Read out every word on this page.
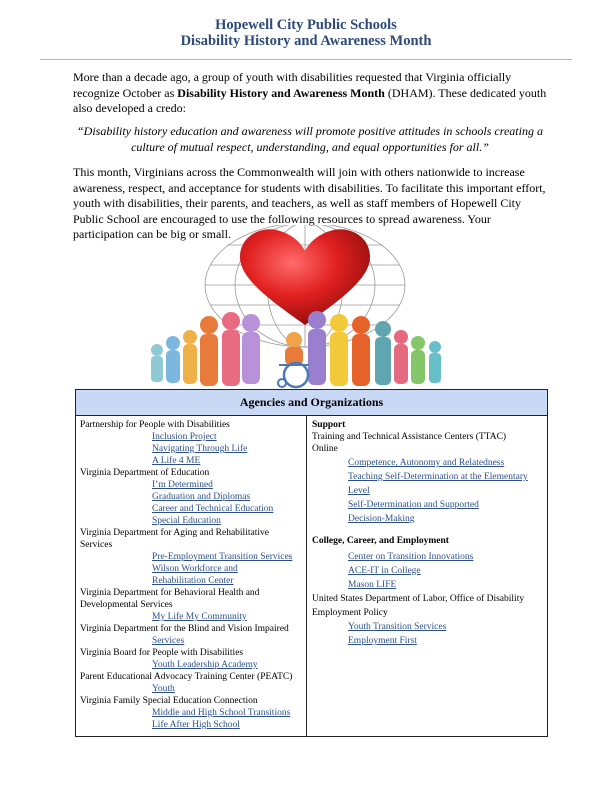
Hopewell City Public Schools
Disability History and Awareness Month
More than a decade ago, a group of youth with disabilities requested that Virginia officially recognize October as Disability History and Awareness Month (DHAM). These dedicated youth also developed a credo:
“Disability history education and awareness will promote positive attitudes in schools creating a culture of mutual respect, understanding, and equal opportunities for all.”
This month, Virginians across the Commonwealth will join with others nationwide to increase awareness, respect, and acceptance for students with disabilities. To facilitate this important effort, youth with disabilities, their parents, and teachers, as well as staff members of Hopewell City Public School are encouraged to use the following resources to spread awareness. Your participation can be big or small.
Agencies and Organizations
Partnership for People with Disabilities
Inclusion Project
Navigating Through Life
A Life 4 ME
Virginia Department of Education
I’m Determined
Graduation and Diplomas
Career and Technical Education
Special Education
Virginia Department for Aging and Rehabilitative
Services
Pre-Employment Transition Services
Wilson Workforce and
Rehabilitation Center
Virginia Department for Behavioral Health and
Developmental Services
My Life My Community
Virginia Department for the Blind and Vision Impaired
Services
Virginia Board for People with Disabilities
Youth Leadership Academy
Parent Educational Advocacy Training Center (PEATC)
Youth
Virginia Family Special Education Connection
Middle and High School Transitions
Life After High School
Support
Training and Technical Assistance Centers (TTAC)
Online
Competence, Autonomy and Relatedness
Teaching Self-Determination at the Elementary
Level
Self-Determination and Supported
Decision-Making
College, Career, and Employment
Center on Transition Innovations
ACE-IT in College
Mason LIFE
United States Department of Labor, Office of Disability
Employment Policy
Youth Transition Services
Employment First
